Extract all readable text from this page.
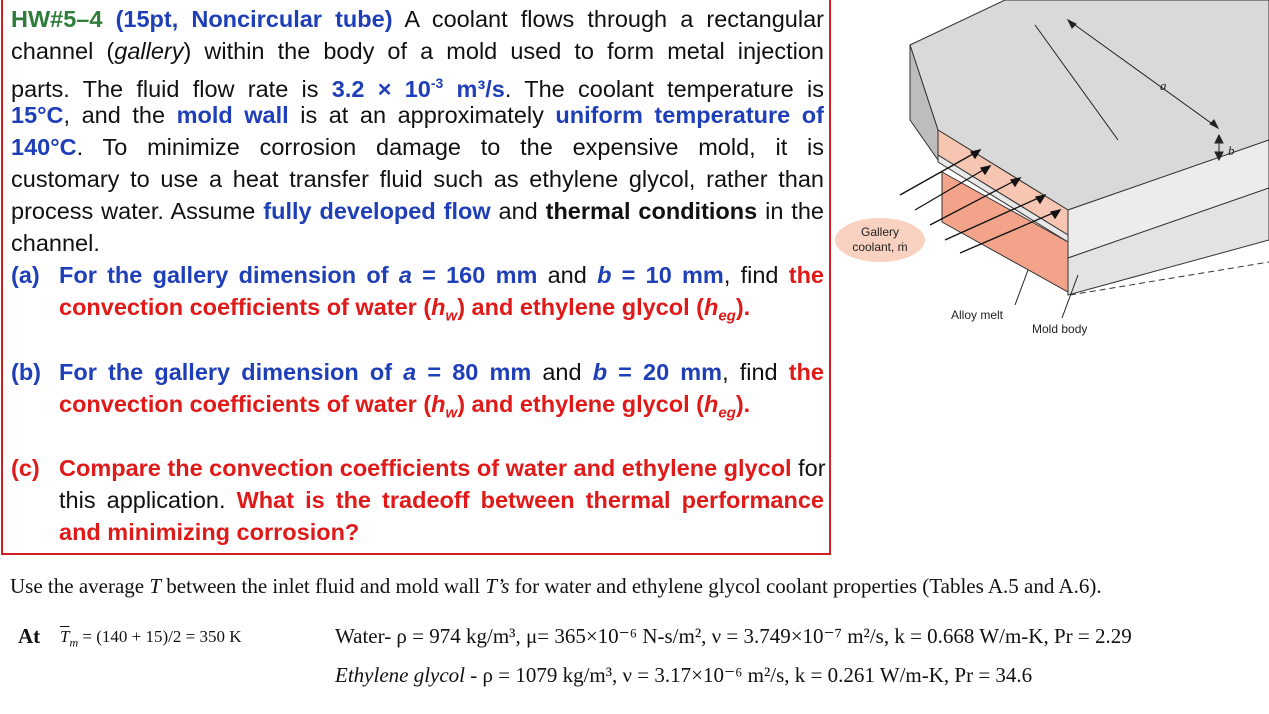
HW#5–4 (15pt, Noncircular tube) A coolant flows through a rectangular
channel (gallery) within the body of a mold used to form metal injection
parts. The fluid flow rate is $3.2 \times 10^{-3}$ m³/s. The coolant temperature is
15°C, and the mold wall is at an approximately uniform temperature of
140°C. To minimize corrosion damage to the expensive mold, it is
customary to use a heat transfer fluid such as ethylene glycol, rather than
process water. Assume fully developed flow and thermal conditions in the
channel.
(a) For the gallery dimension of a = 160 mm and b = 10 mm, find the
convection coefficients of water $(h_w)$ and ethylene glycol $(h_{eg})$.
(b) For the gallery dimension of a = 80 mm and b = 20 mm, find the
convection coefficients of water $(h_w)$ and ethylene glycol $(h_{eg})$.
(c) Compare the convection coefficients of water and ethylene glycol for
this application. What is the tradeoff between thermal performance
and minimizing corrosion?
a
b
Gallery
coolant, ṁ
Alloy melt
Mold body
Use the average T between the inlet fluid and mold wall T’s for water and ethylene glycol coolant properties (Tables A.5 and A.6).
At $\overline{T}_m = (140 + 15)/2 = 350$ K	Water- ρ = 974 kg/m³, μ= 365×10⁻⁶ N-s/m², ν = 3.749×10⁻⁷ m²/s, k = 0.668 W/m-K, Pr = 2.29
Ethylene glycol - ρ = 1079 kg/m³, ν = 3.17×10⁻⁶ m²/s, k = 0.261 W/m-K, Pr = 34.6
